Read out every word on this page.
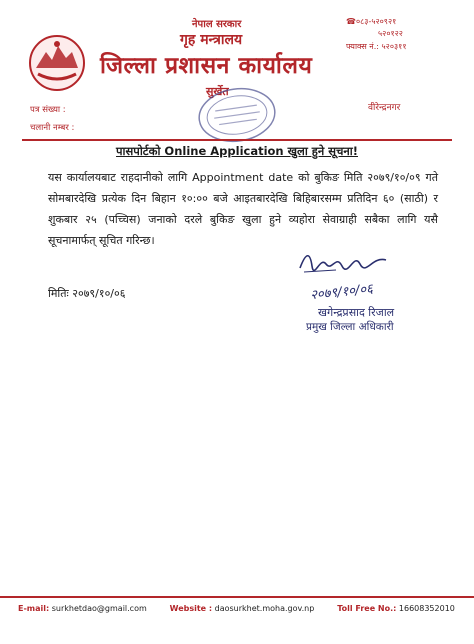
नेपाल सरकार
गृह मन्त्रालय
जिल्ला प्रशासन कार्यालय
सुर्खेत
☎०८३-५२०९२१
५२०१२२
फ्याक्स नं.: ५२०३११
पत्र संख्या :
चलानी नम्बर :
वीरेन्द्रनगर
पासपोर्टको Online Application खुला हुने सूचना!
यस कार्यालयबाट राहदानीको लागि Appointment date को बुकिङ मिति २०७९/१०/०९ गते सोमबारदेखि प्रत्येक दिन बिहान १०:०० बजे आइतबारदेखि बिहिबारसम्म प्रतिदिन ६० (साठी) र शुकबार २५ (पच्चिस) जनाको दरले बुकिङ खुला हुने व्यहोरा सेवाग्राही सबैका लागि यसै सूचनामार्फत् सूचित गरिन्छ।
मितिः २०७९/१०/०६	२०७९/१०/०६
खगेन्द्रप्रसाद रिजाल
प्रमुख जिल्ला अधिकारी
E-mail: surkhetdao@gmail.com	Website : daosurkhet.moha.gov.np	Toll Free No.: 16608352010
